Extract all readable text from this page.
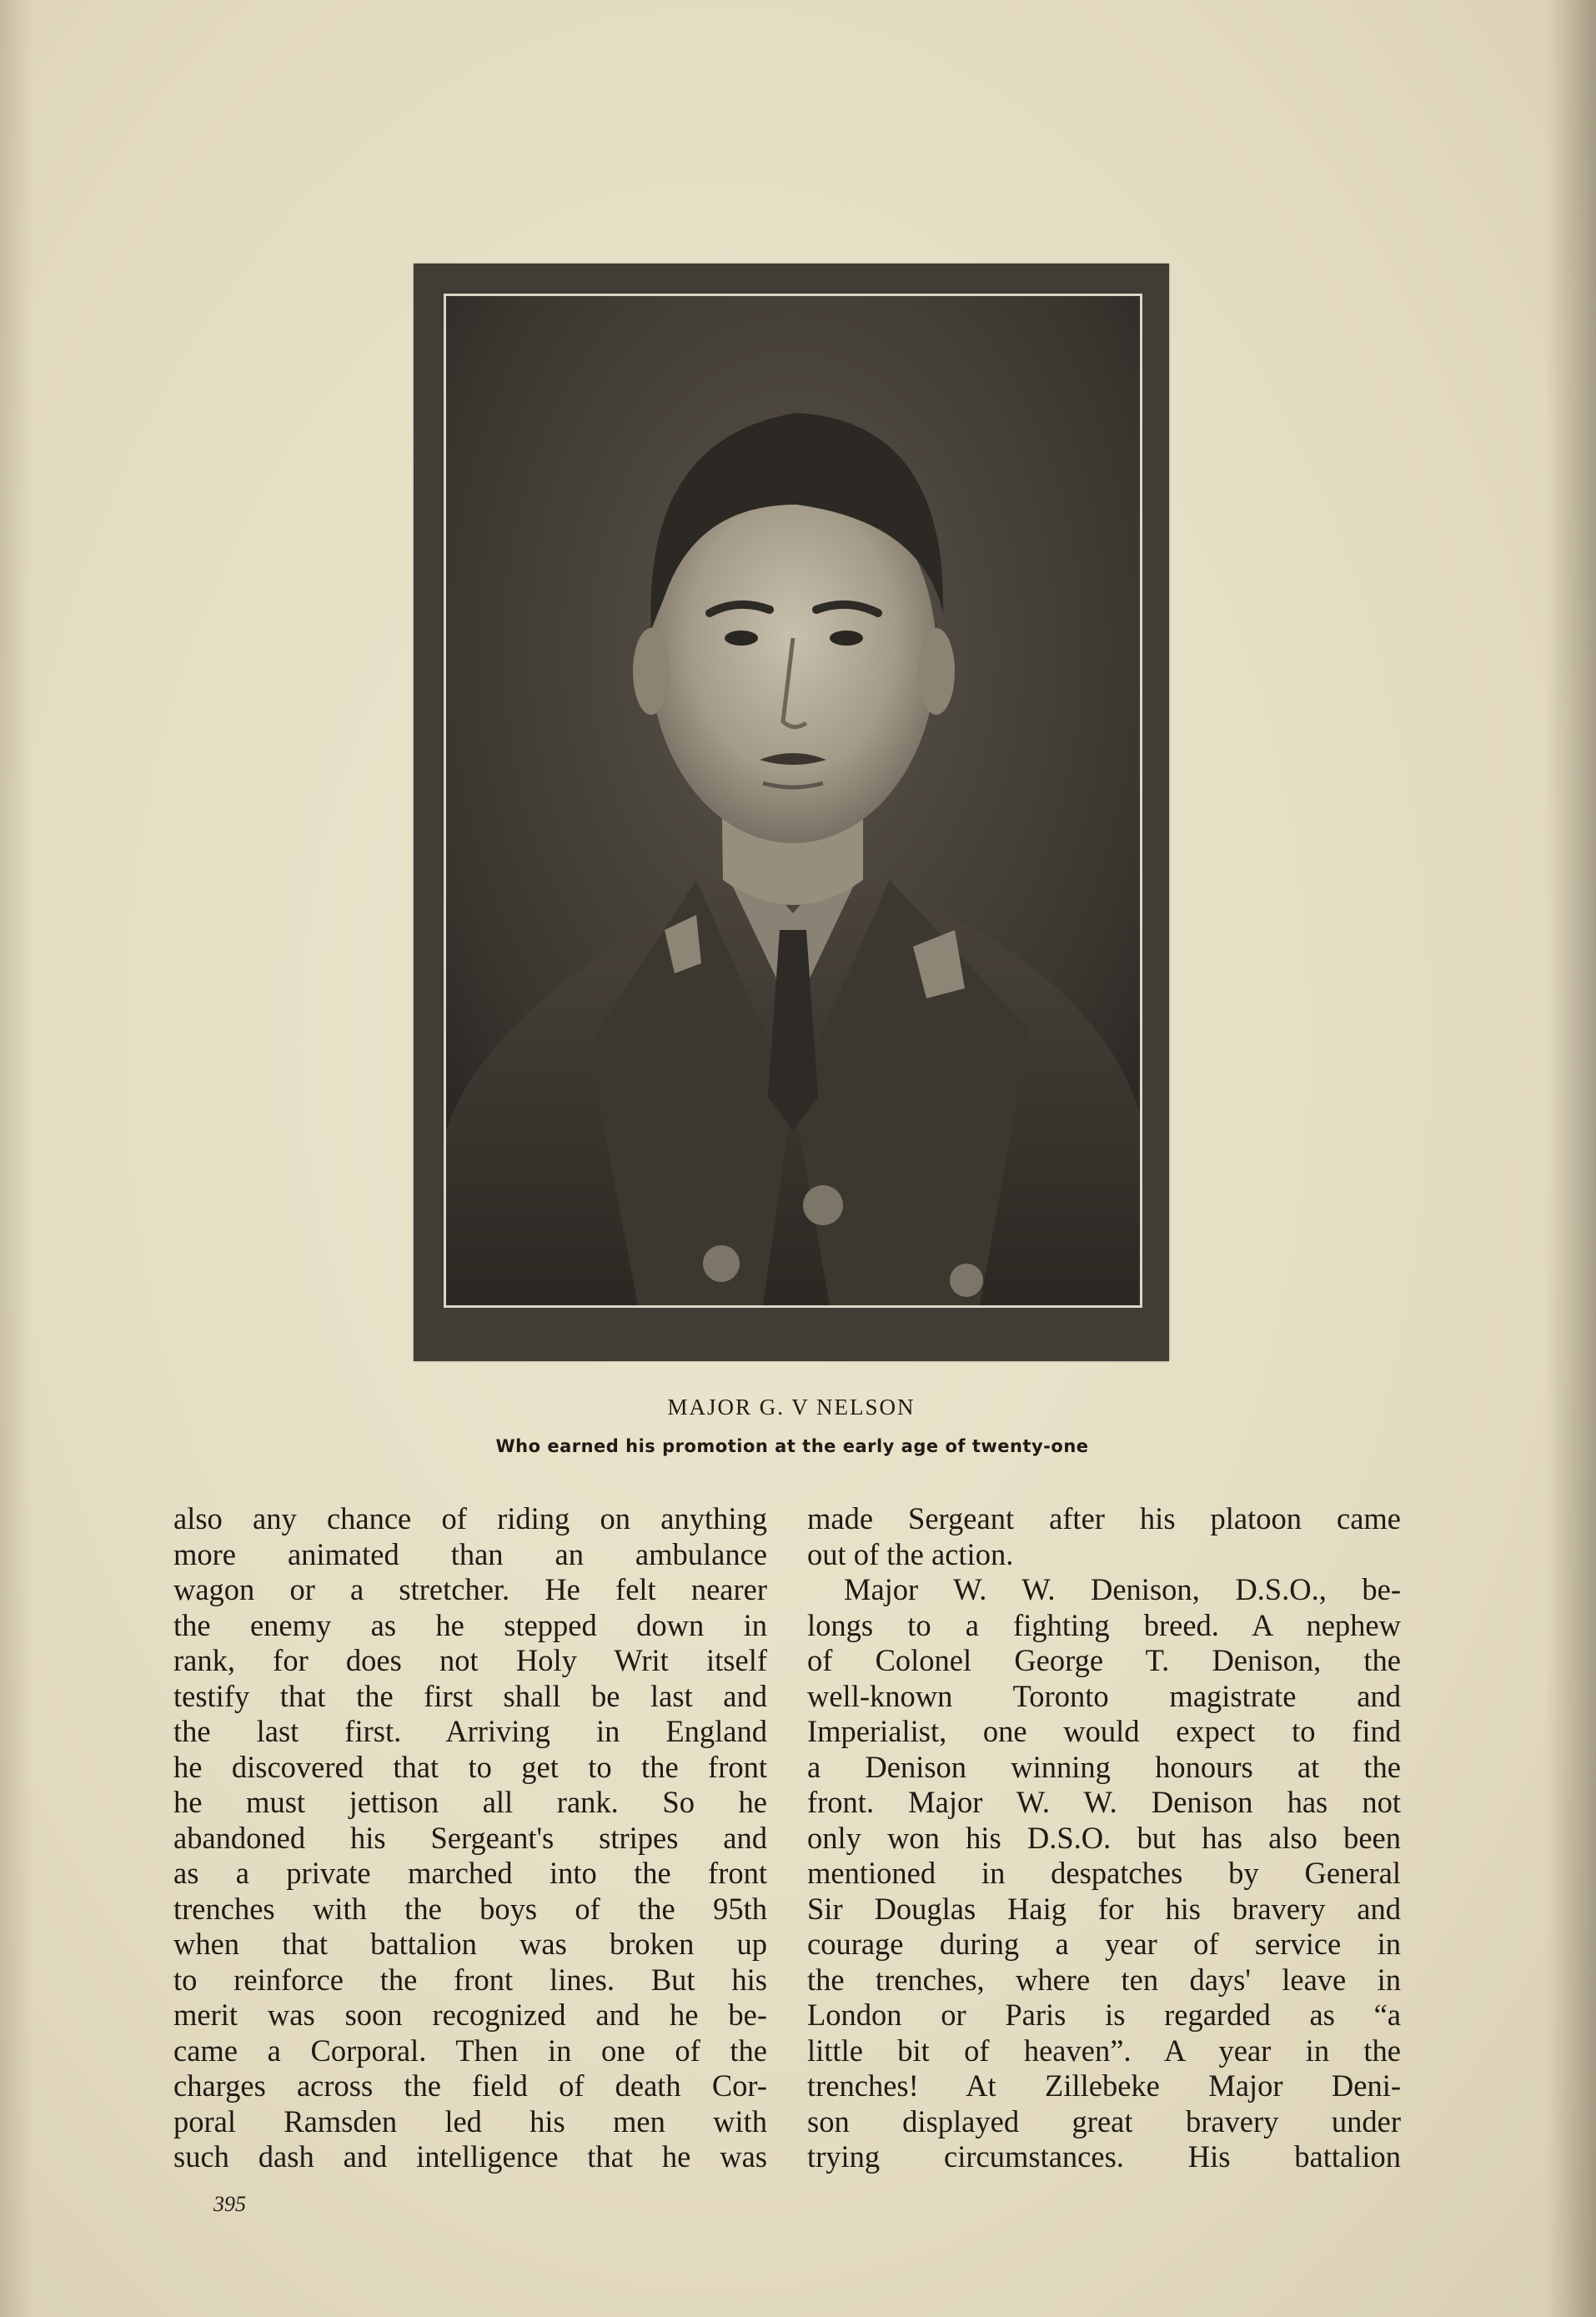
MAJOR G. V NELSON
Who earned his promotion at the early age of twenty-one
also any chance of riding on anything
more animated than an ambulance
wagon or a stretcher. He felt nearer
the enemy as he stepped down in
rank, for does not Holy Writ itself
testify that the first shall be last and
the last first. Arriving in England
he discovered that to get to the front
he must jettison all rank. So he
abandoned his Sergeant's stripes and
as a private marched into the front
trenches with the boys of the 95th
when that battalion was broken up
to reinforce the front lines. But his
merit was soon recognized and he be-
came a Corporal. Then in one of the
charges across the field of death Cor-
poral Ramsden led his men with
such dash and intelligence that he was
made Sergeant after his platoon came
out of the action.
Major W. W. Denison, D.S.O., be-
longs to a fighting breed. A nephew
of Colonel George T. Denison, the
well-known Toronto magistrate and
Imperialist, one would expect to find
a Denison winning honours at the
front. Major W. W. Denison has not
only won his D.S.O. but has also been
mentioned in despatches by General
Sir Douglas Haig for his bravery and
courage during a year of service in
the trenches, where ten days' leave in
London or Paris is regarded as “a
little bit of heaven”. A year in the
trenches! At Zillebeke Major Deni-
son displayed great bravery under
trying circumstances. His battalion
395
